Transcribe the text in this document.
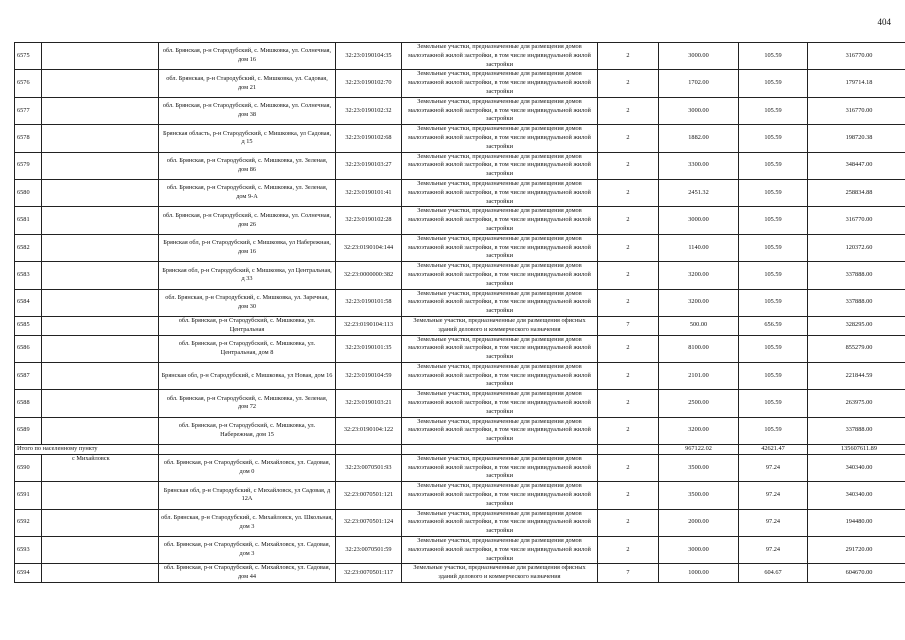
404
6575		обл. Брянская, р-н Стародубский, с. Мишковка, ул. Солнечная, дом 16	32:23:0190104:35	Земельные участки, предназначенные для размещения домов малоэтажной жилой застройки, в том числе индивидуальной жилой застройки	2	3000.00	105.59	316770.00
6576		обл. Брянская, р-н Стародубский, с. Мишковка, ул. Садовая, дом 21	32:23:0190102:70	Земельные участки, предназначенные для размещения домов малоэтажной жилой застройки, в том числе индивидуальной жилой застройки	2	1702.00	105.59	179714.18
6577		обл. Брянская, р-н Стародубский, с. Мишковка, ул. Солнечная, дом 38	32:23:0190102:32	Земельные участки, предназначенные для размещения домов малоэтажной жилой застройки, в том числе индивидуальной жилой застройки	2	3000.00	105.59	316770.00
6578		Брянская область, р-н Стародубский, с Мишковка, ул Садовая, д 15	32:23:0190102:68	Земельные участки, предназначенные для размещения домов малоэтажной жилой застройки, в том числе индивидуальной жилой застройки	2	1882.00	105.59	198720.38
6579		обл. Брянская, р-н Стародубский, с. Мишковка, ул. Зеленая, дом 86	32:23:0190103:27	Земельные участки, предназначенные для размещения домов малоэтажной жилой застройки, в том числе индивидуальной жилой застройки	2	3300.00	105.59	348447.00
6580		обл. Брянская, р-н Стародубский, с. Мишковка, ул. Зеленая, дом 9-А	32:23:0190101:41	Земельные участки, предназначенные для размещения домов малоэтажной жилой застройки, в том числе индивидуальной жилой застройки	2	2451.32	105.59	258834.88
6581		обл. Брянская, р-н Стародубский, с. Мишковка, ул. Солнечная, дом 26	32:23:0190102:28	Земельные участки, предназначенные для размещения домов малоэтажной жилой застройки, в том числе индивидуальной жилой застройки	2	3000.00	105.59	316770.00
6582		Брянская обл, р-н Стародубский, с Мишковка, ул Набережная, дом 16	32:23:0190104:144	Земельные участки, предназначенные для размещения домов малоэтажной жилой застройки, в том числе индивидуальной жилой застройки	2	1140.00	105.59	120372.60
6583		Брянская обл, р-н Стародубский, с Мишковка, ул Центральная, д 33	32:23:0000000:382	Земельные участки, предназначенные для размещения домов малоэтажной жилой застройки, в том числе индивидуальной жилой застройки	2	3200.00	105.59	337888.00
6584		обл. Брянская, р-н Стародубский, с. Мишковка, ул. Заречная, дом 30	32:23:0190101:58	Земельные участки, предназначенные для размещения домов малоэтажной жилой застройки, в том числе индивидуальной жилой застройки	2	3200.00	105.59	337888.00
6585		обл. Брянская, р-н Стародубский, с. Мишковка, ул. Центральная	32:23:0190104:113	Земельные участки, предназначенные для размещения офисных зданий делового и коммерческого назначения	7	500.00	656.59	328295.00
6586		обл. Брянская, р-н Стародубский, с. Мишковка, ул. Центральная, дом 8	32:23:0190101:35	Земельные участки, предназначенные для размещения домов малоэтажной жилой застройки, в том числе индивидуальной жилой застройки	2	8100.00	105.59	855279.00
6587		Брянская обл, р-н Стародубский, с Мишковка, ул Новая, дом 16	32:23:0190104:59	Земельные участки, предназначенные для размещения домов малоэтажной жилой застройки, в том числе индивидуальной жилой застройки	2	2101.00	105.59	221844.59
6588		обл. Брянская, р-н Стародубский, с. Мишковка, ул. Зеленая, дом 72	32:23:0190103:21	Земельные участки, предназначенные для размещения домов малоэтажной жилой застройки, в том числе индивидуальной жилой застройки	2	2500.00	105.59	263975.00
6589		обл. Брянская, р-н Стародубский, с. Мишковка, ул. Набережная, дом 15	32:23:0190104:122	Земельные участки, предназначенные для размещения домов малоэтажной жилой застройки, в том числе индивидуальной жилой застройки	2	3200.00	105.59	337888.00
Итого по населенному пункту						967122.02	42621.47	135607611.89
6590	с Михайловск	обл. Брянская, р-н Стародубский, с. Михайловск, ул. Садовая, дом 0	32:23:0070501:93	Земельные участки, предназначенные для размещения домов малоэтажной жилой застройки, в том числе индивидуальной жилой застройки	2	3500.00	97.24	340340.00
6591		Брянская обл, р-н Стародубский, с Михайловск, ул Садовая, д 12А	32:23:0070501:121	Земельные участки, предназначенные для размещения домов малоэтажной жилой застройки, в том числе индивидуальной жилой застройки	2	3500.00	97.24	340340.00
6592		обл. Брянская, р-н Стародубский, с. Михайловск, ул. Школьная, дом 3	32:23:0070501:124	Земельные участки, предназначенные для размещения домов малоэтажной жилой застройки, в том числе индивидуальной жилой застройки	2	2000.00	97.24	194480.00
6593		обл. Брянская, р-н Стародубский, с. Михайловск, ул. Садовая, дом 3	32:23:0070501:59	Земельные участки, предназначенные для размещения домов малоэтажной жилой застройки, в том числе индивидуальной жилой застройки	2	3000.00	97.24	291720.00
6594		обл. Брянская, р-н Стародубский, с. Михайловск, ул. Садовая, дом 44	32:23:0070501:117	Земельные участки, предназначенные для размещения офисных зданий делового и коммерческого назначения	7	1000.00	604.67	604670.00
